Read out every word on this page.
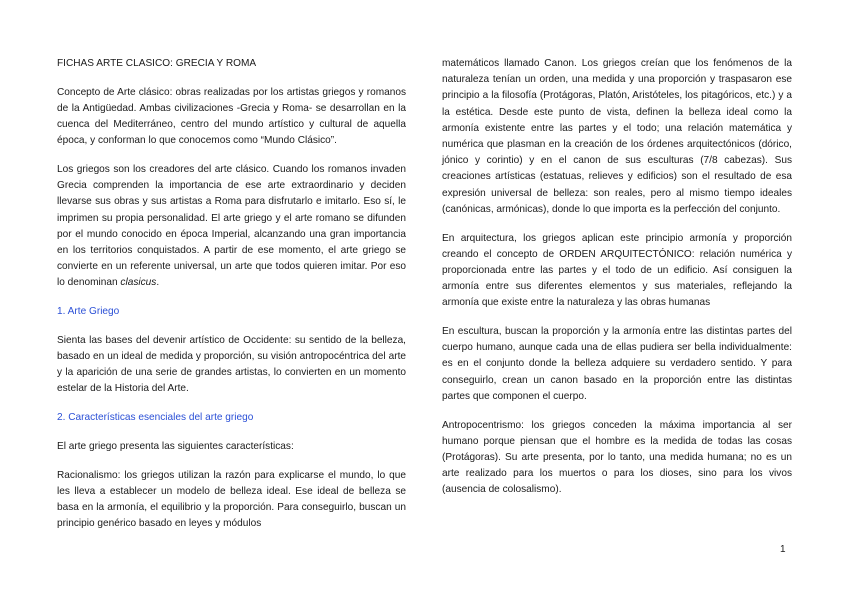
FICHAS ARTE CLASICO: GRECIA Y ROMA

Concepto de Arte clásico: obras realizadas por los artistas griegos y romanos de la Antigüedad. Ambas civilizaciones -Grecia y Roma- se desarrollan en la cuenca del Mediterráneo, centro del mundo artístico y cultural de aquella época, y conforman lo que conocemos como “Mundo Clásico”.

Los griegos son los creadores del arte clásico. Cuando los romanos invaden Grecia comprenden la importancia de ese arte extraordinario y deciden llevarse sus obras y sus artistas a Roma para disfrutarlo e imitarlo. Eso sí, le imprimen su propia personalidad. El arte griego y el arte romano se difunden por el mundo conocido en época Imperial, alcanzando una gran importancia en los territorios conquistados. A partir de ese momento, el arte griego se convierte en un referente universal, un arte que todos quieren imitar. Por eso lo denominan clasicus.

1. Arte Griego

Sienta las bases del devenir artístico de Occidente: su sentido de la belleza, basado en un ideal de medida y proporción, su visión antropocéntrica del arte y la aparición de una serie de grandes artistas, lo convierten en un momento estelar de la Historia del Arte.

2. Características esenciales del arte griego

El arte griego presenta las siguientes características:

Racionalismo: los griegos utilizan la razón para explicarse el mundo, lo que les lleva a establecer un modelo de belleza ideal. Ese ideal de belleza se basa en la armonía, el equilibrio y la proporción. Para conseguirlo, buscan un principio genérico basado en leyes y módulos

matemáticos llamado Canon. Los griegos creían que los fenómenos de la naturaleza tenían un orden, una medida y una proporción y traspasaron ese principio a la filosofía (Protágoras, Platón, Aristóteles, los pitagóricos, etc.) y a la estética. Desde este punto de vista, definen la belleza ideal como la armonía existente entre las partes y el todo; una relación matemática y numérica que plasman en la creación de los órdenes arquitectónicos (dórico, jónico y corintio) y en el canon de sus esculturas (7/8 cabezas). Sus creaciones artísticas (estatuas, relieves y edificios) son el resultado de esa expresión universal de belleza: son reales, pero al mismo tiempo ideales (canónicas, armónicas), donde lo que importa es la perfección del conjunto.

En arquitectura, los griegos aplican este principio armonía y proporción creando el concepto de ORDEN ARQUITECTÓNICO: relación numérica y proporcionada entre las partes y el todo de un edificio. Así consiguen la armonía entre sus diferentes elementos y sus materiales, reflejando la armonía que existe entre la naturaleza y las obras humanas

En escultura, buscan la proporción y la armonía entre las distintas partes del cuerpo humano, aunque cada una de ellas pudiera ser bella individualmente: es en el conjunto donde la belleza adquiere su verdadero sentido. Y para conseguirlo, crean un canon basado en la proporción entre las distintas partes que componen el cuerpo.

Antropocentrismo: los griegos conceden la máxima importancia al ser humano porque piensan que el hombre es la medida de todas las cosas (Protágoras). Su arte presenta, por lo tanto, una medida humana; no es un arte realizado para los muertos o para los dioses, sino para los vivos (ausencia de colosalismo).

1
